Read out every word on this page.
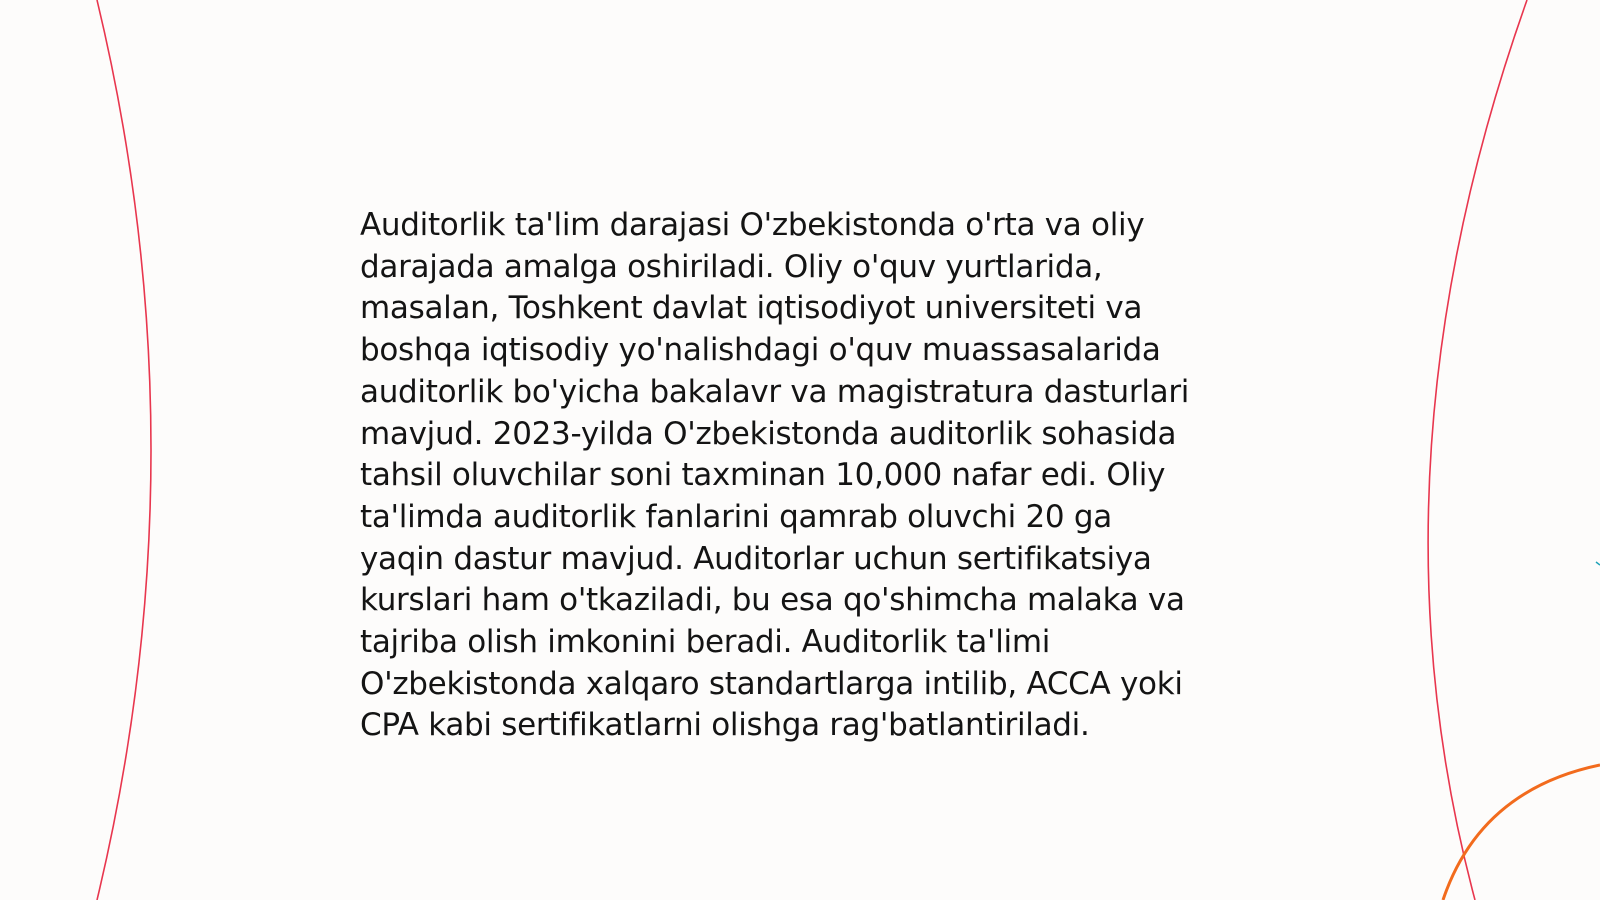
Auditorlik ta'lim darajasi O'zbekistonda o'rta va oliy
darajada amalga oshiriladi. Oliy o'quv yurtlarida,
masalan, Toshkent davlat iqtisodiyot universiteti va
boshqa iqtisodiy yo'nalishdagi o'quv muassasalarida
auditorlik bo'yicha bakalavr va magistratura dasturlari
mavjud. 2023-yilda O'zbekistonda auditorlik sohasida
tahsil oluvchilar soni taxminan 10,000 nafar edi. Oliy
ta'limda auditorlik fanlarini qamrab oluvchi 20 ga
yaqin dastur mavjud. Auditorlar uchun sertifikatsiya
kurslari ham o'tkaziladi, bu esa qo'shimcha malaka va
tajriba olish imkonini beradi. Auditorlik ta'limi
O'zbekistonda xalqaro standartlarga intilib, ACCA yoki
CPA kabi sertifikatlarni olishga rag'batlantiriladi.
